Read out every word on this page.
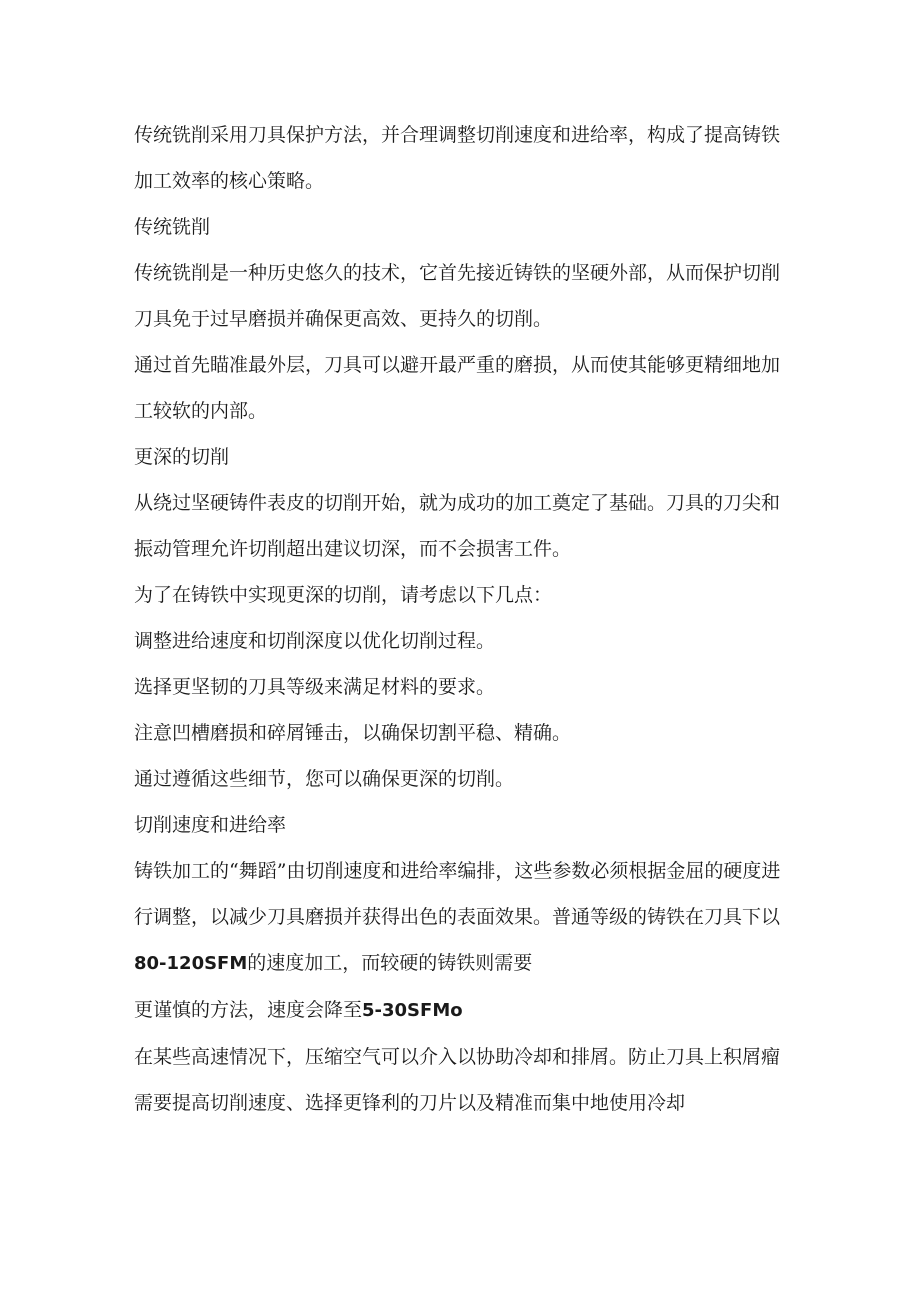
传统铣削采用刀具保护方法，并合理调整切削速度和进给率，构成了提高铸铁加工效率的核心策略。

传统铣削

传统铣削是一种历史悠久的技术，它首先接近铸铁的坚硬外部，从而保护切削刀具免于过早磨损并确保更高效、更持久的切削。

通过首先瞄准最外层，刀具可以避开最严重的磨损，从而使其能够更精细地加工较软的内部。

更深的切削

从绕过坚硬铸件表皮的切削开始，就为成功的加工奠定了基础。刀具的刀尖和振动管理允许切削超出建议切深，而不会损害工件。

为了在铸铁中实现更深的切削，请考虑以下几点：

调整进给速度和切削深度以优化切削过程。

选择更坚韧的刀具等级来满足材料的要求。

注意凹槽磨损和碎屑锤击，以确保切割平稳、精确。

通过遵循这些细节，您可以确保更深的切削。

切削速度和进给率

铸铁加工的“舞蹈”由切削速度和进给率编排，这些参数必须根据金屈的硬度进行调整，以减少刀具磨损并获得出色的表面效果。普通等级的铸铁在刀具下以80-120SFM的速度加工，而较硬的铸铁则需要

更谨慎的方法，速度会降至5-30SFMo

在某些高速情况下，压缩空气可以介入以协助冷却和排屑。防止刀具上积屑瘤需要提高切削速度、选择更锋利的刀片以及精准而集中地使用冷却
